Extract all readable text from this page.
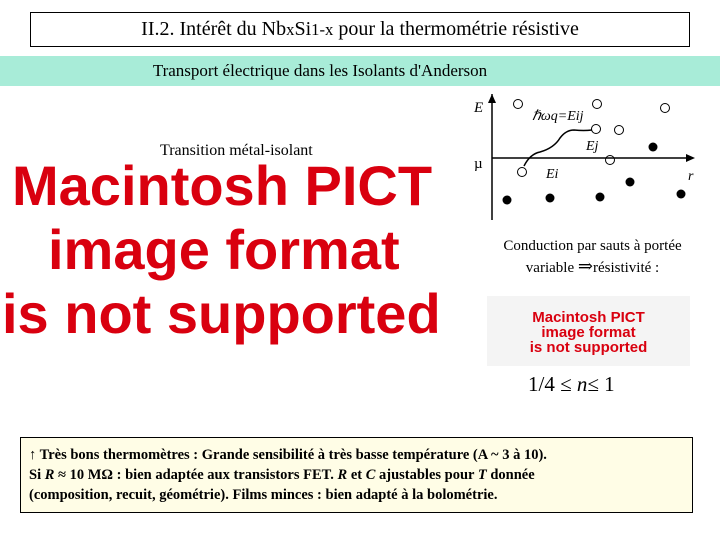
II.2. Intérêt du Nb x Si 1-x pour la thermométrie résistive
Transport électrique dans les Isolants d'Anderson
Transition métal-isolant
Macintosh PICT
image format
is not supported
E
µ
r
ℏωq=Eij
Ej
Ei
Conduction par sauts à portée
variable ⇒résistivité :
Macintosh PICT
image format
is not supported
1/4 ≤ n≤ 1
↑ Très bons thermomètres : Grande sensibilité à très basse température (A ~ 3 à 10).
Si R ≈ 10 MΩ : bien adaptée aux transistors FET. R et C ajustables pour T donnée
(composition, recuit, géométrie). Films minces : bien adapté à la bolométrie.
